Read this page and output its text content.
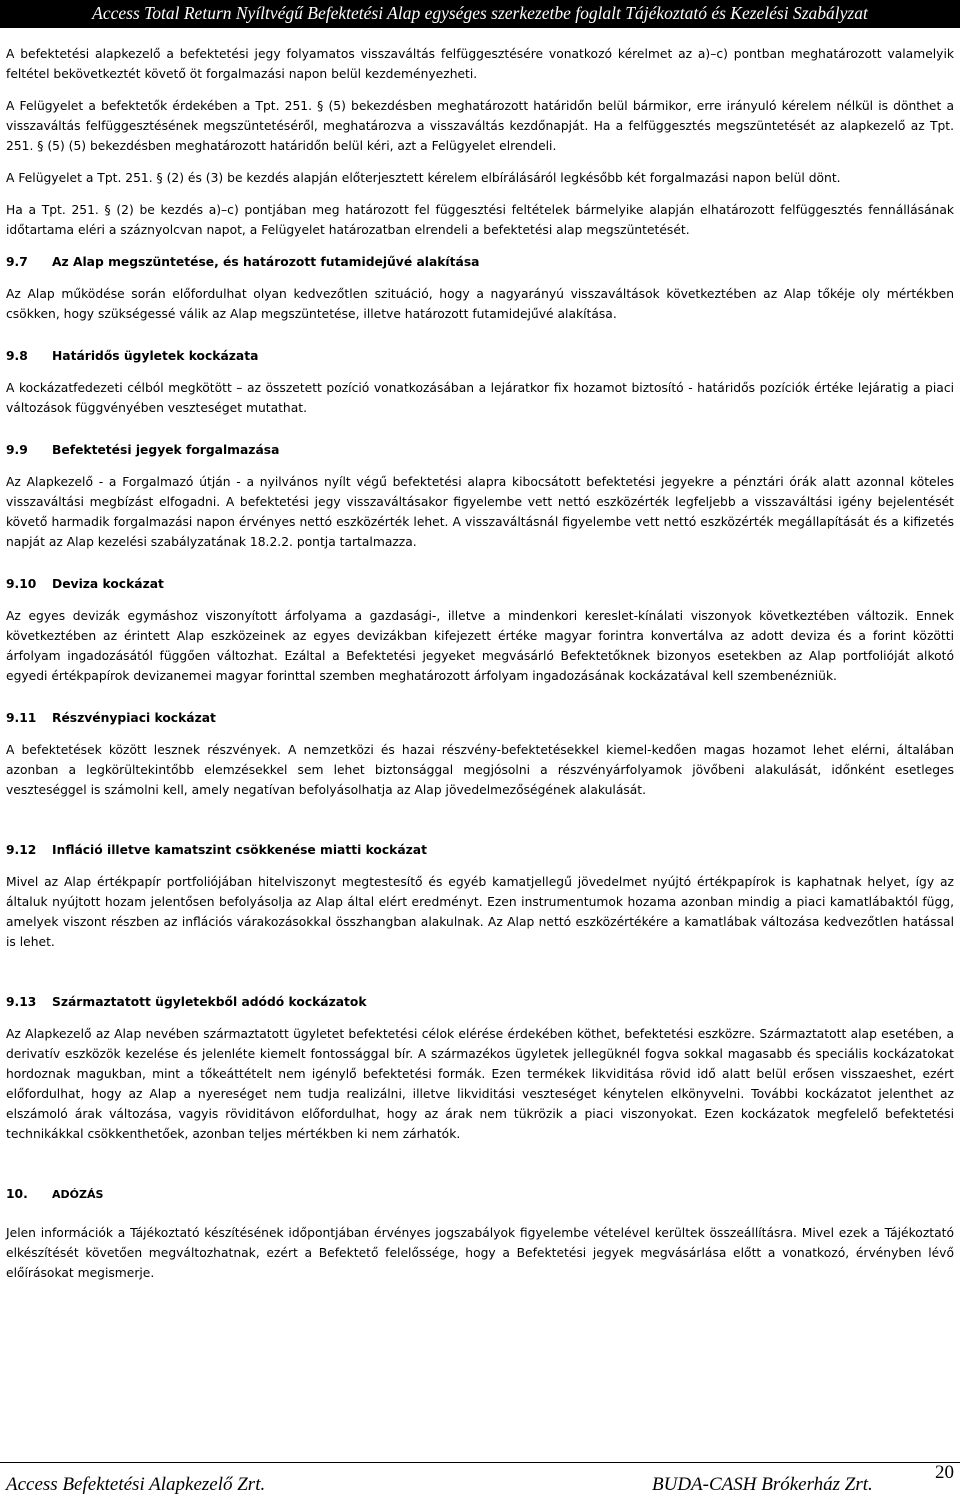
Access Total Return Nyíltvégű Befektetési Alap egységes szerkezetbe foglalt Tájékoztató és Kezelési Szabályzat

A befektetési alapkezelő a befektetési jegy folyamatos visszaváltás felfüggesztésére vonatkozó kérelmet az a)–c) pontban meghatározott valamelyik feltétel bekövetkeztét követő öt forgalmazási napon belül kezdeményezheti.

A Felügyelet a befektetők érdekében a Tpt. 251. § (5) bekezdésben meghatározott határidőn belül bármikor, erre irányuló kérelem nélkül is dönthet a visszaváltás felfüggesztésének megszüntetéséről, meghatározva a visszaváltás kezdőnapját. Ha a felfüggesztés megszüntetését az alapkezelő az Tpt. 251. § (5) (5) bekezdésben meghatározott határidőn belül kéri, azt a Felügyelet elrendeli.

A Felügyelet a Tpt. 251. § (2) és (3) be kezdés alapján előterjesztett kérelem elbírálásáról legkésőbb két forgalmazási napon belül dönt.

Ha a Tpt. 251. § (2) be kezdés a)–c) pontjában meg határozott fel függesztési feltételek bármelyike alapján elhatározott felfüggesztés fennállásának időtartama eléri a száznyolcvan napot, a Felügyelet határozatban elrendeli a befektetési alap megszüntetését.

9.7 Az Alap megszüntetése, és határozott futamidejűvé alakítása

Az Alap működése során előfordulhat olyan kedvezőtlen szituáció, hogy a nagyarányú visszaváltások következtében az Alap tőkéje oly mértékben csökken, hogy szükségessé válik az Alap megszüntetése, illetve határozott futamidejűvé alakítása.

9.8 Határidős ügyletek kockázata

A kockázatfedezeti célból megkötött – az összetett pozíció vonatkozásában a lejáratkor fix hozamot biztosító - határidős pozíciók értéke lejáratig a piaci változások függvényében veszteséget mutathat.

9.9 Befektetési jegyek forgalmazása

Az Alapkezelő - a Forgalmazó útján - a nyilvános nyílt végű befektetési alapra kibocsátott befektetési jegyekre a pénztári órák alatt azonnal köteles visszaváltási megbízást elfogadni. A befektetési jegy visszaváltásakor figyelembe vett nettó eszközérték legfeljebb a visszaváltási igény bejelentését követő harmadik forgalmazási napon érvényes nettó eszközérték lehet. A visszaváltásnál figyelembe vett nettó eszközérték megállapítását és a kifizetés napját az Alap kezelési szabályzatának 18.2.2. pontja tartalmazza.

9.10 Deviza kockázat

Az egyes devizák egymáshoz viszonyított árfolyama a gazdasági-, illetve a mindenkori kereslet-kínálati viszonyok következtében változik. Ennek következtében az érintett Alap eszközeinek az egyes devizákban kifejezett értéke magyar forintra konvertálva az adott deviza és a forint közötti árfolyam ingadozásától függően változhat. Ezáltal a Befektetési jegyeket megvásárló Befektetőknek bizonyos esetekben az Alap portfolióját alkotó egyedi értékpapírok devizanemei magyar forinttal szemben meghatározott árfolyam ingadozásának kockázatával kell szembenézniük.

9.11 Részvénypiaci kockázat

A befektetések között lesznek részvények. A nemzetközi és hazai részvény-befektetésekkel kiemel-kedően magas hozamot lehet elérni, általában azonban a legkörültekintőbb elemzésekkel sem lehet biztonsággal megjósolni a részvényárfolyamok jövőbeni alakulását, időnként esetleges veszteséggel is számolni kell, amely negatívan befolyásolhatja az Alap jövedelmezőségének alakulását.

9.12 Infláció illetve kamatszint csökkenése miatti kockázat

Mivel az Alap értékpapír portfoliójában hitelviszonyt megtestesítő és egyéb kamatjellegű jövedelmet nyújtó értékpapírok is kaphatnak helyet, így az általuk nyújtott hozam jelentősen befolyásolja az Alap által elért eredményt. Ezen instrumentumok hozama azonban mindig a piaci kamatlábaktól függ, amelyek viszont részben az inflációs várakozásokkal összhangban alakulnak. Az Alap nettó eszközértékére a kamatlábak változása kedvezőtlen hatással is lehet.

9.13 Származtatott ügyletekből adódó kockázatok

Az Alapkezelő az Alap nevében származtatott ügyletet befektetési célok elérése érdekében köthet, befektetési eszközre. Származtatott alap esetében, a derivatív eszközök kezelése és jelenléte kiemelt fontossággal bír. A származékos ügyletek jellegüknél fogva sokkal magasabb és speciális kockázatokat hordoznak magukban, mint a tőkeáttételt nem igénylő befektetési formák. Ezen termékek likviditása rövid idő alatt belül erősen visszaeshet, ezért előfordulhat, hogy az Alap a nyereséget nem tudja realizálni, illetve likviditási veszteséget kénytelen elkönyvelni. További kockázatot jelenthet az elszámoló árak változása, vagyis röviditávon előfordulhat, hogy az árak nem tükrözik a piaci viszonyokat. Ezen kockázatok megfelelő befektetési technikákkal csökkenthetőek, azonban teljes mértékben ki nem zárhatók.

10. ADÓZÁS

Jelen információk a Tájékoztató készítésének időpontjában érvényes jogszabályok figyelembe vételével kerültek összeállításra. Mivel ezek a Tájékoztató elkészítését követően megváltozhatnak, ezért a Befektető felelőssége, hogy a Befektetési jegyek megvásárlása előtt a vonatkozó, érvényben lévő előírásokat megismerje.

Access Befektetési Alapkezelő Zrt.	BUDA-CASH Brókerház Zrt.
20
